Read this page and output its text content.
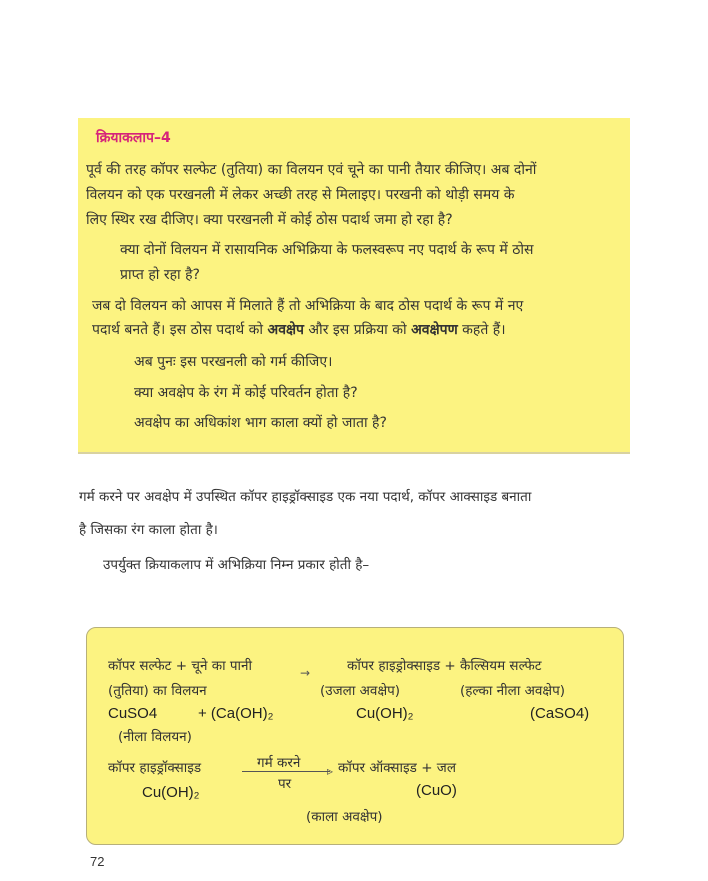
क्रियाकलाप–4
पूर्व की तरह कॉपर सल्फेट (तुतिया) का विलयन एवं चूने का पानी तैयार कीजिए। अब दोनों
विलयन को एक परखनली में लेकर अच्छी तरह से मिलाइए। परखनी को थोड़ी समय के
लिए स्थिर रख दीजिए। क्या परखनली में कोई ठोस पदार्थ जमा हो रहा है?
क्या दोनों विलयन में रासायनिक अभिक्रिया के फलस्वरूप नए पदार्थ के रूप में ठोस
प्राप्त हो रहा है?
जब दो विलयन को आपस में मिलाते हैं तो अभिक्रिया के बाद ठोस पदार्थ के रूप में नए
पदार्थ बनते हैं। इस ठोस पदार्थ को अवक्षेप और इस प्रक्रिया को अवक्षेपण कहते हैं।
अब पुनः इस परखनली को गर्म कीजिए।
क्या अवक्षेप के रंग में कोई परिवर्तन होता है?
अवक्षेप का अधिकांश भाग काला क्यों हो जाता है?
गर्म करने पर अवक्षेप में उपस्थित कॉपर हाइड्रॉक्साइड एक नया पदार्थ, कॉपर आक्साइड बनाता
है जिसका रंग काला होता है।
उपर्युक्त क्रियाकलाप में अभिक्रिया निम्न प्रकार होती है–
कॉपर सल्फेट + चूने का पानी	→	कॉपर हाइड्रोक्साइड + कैल्सियम सल्फेट
(तुतिया) का विलयन	(उजला अवक्षेप)	(हल्का नीला अवक्षेप)
CuSO4	+ (Ca(OH)₂	Cu(OH)₂	(CaSO4)
(नीला विलयन)
कॉपर हाइड्रॉक्साइड	गर्म करने ▹
पर
कॉपर ऑक्साइड + जल
Cu(OH)₂	(CuO)
(काला अवक्षेप)
72
